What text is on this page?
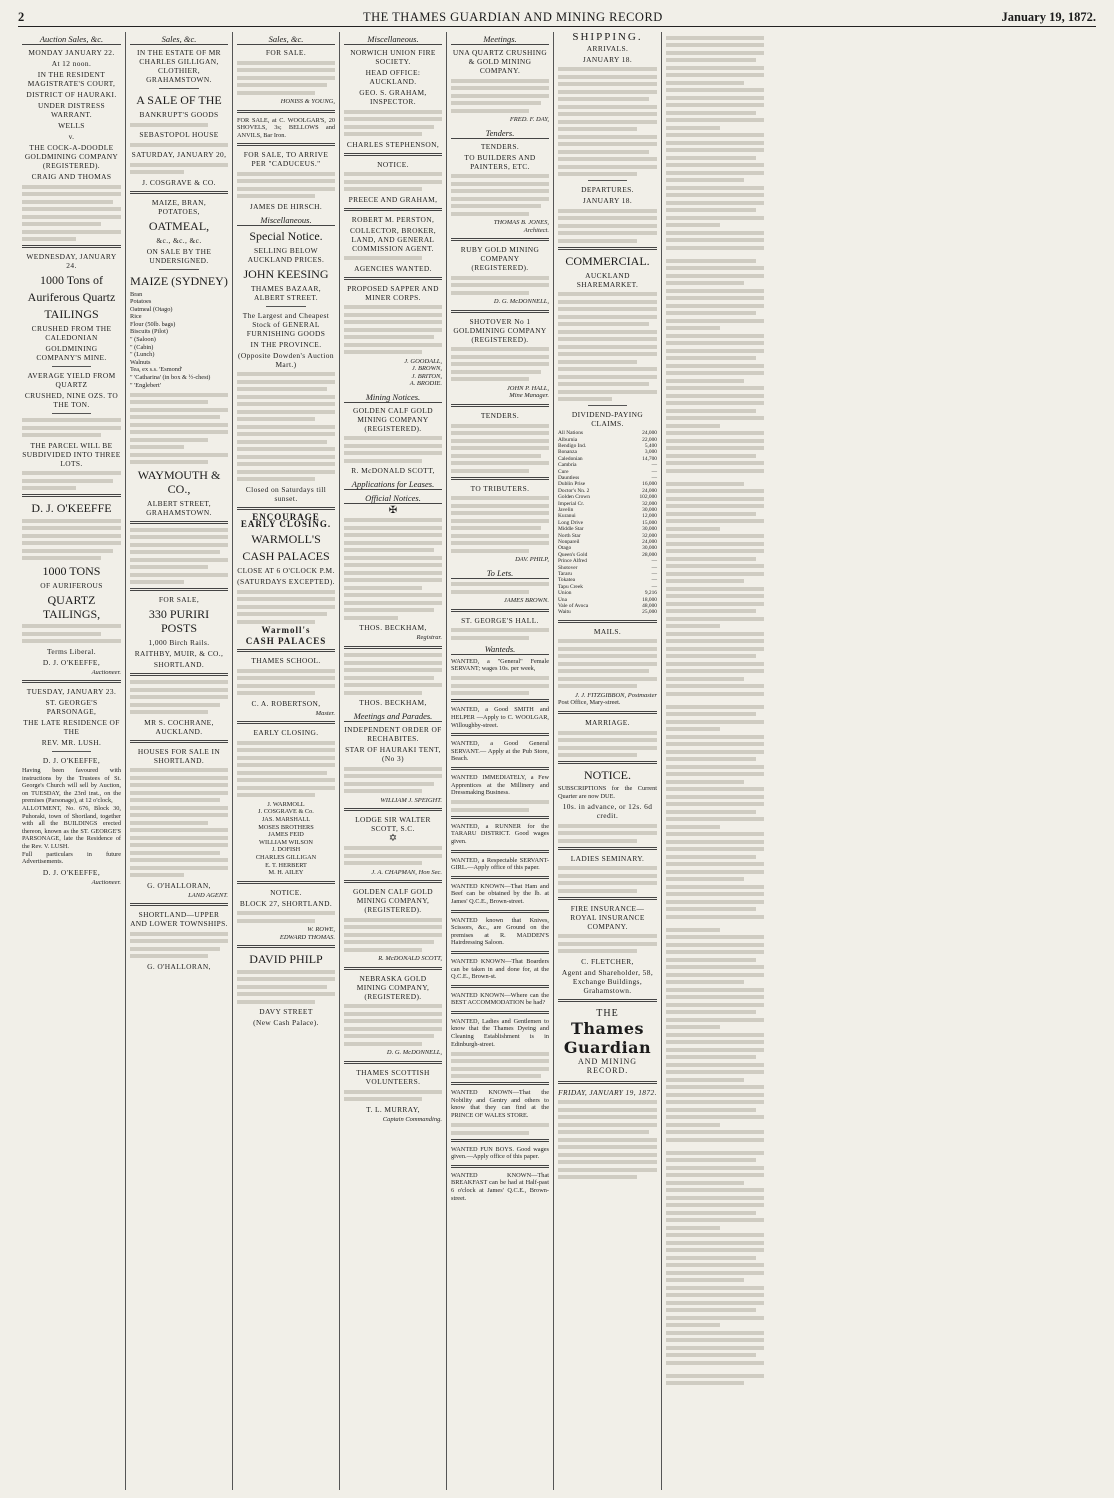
2	THE THAMES GUARDIAN AND MINING RECORD	January 19, 1872.
Auction Sales, &c.
MONDAY JANUARY 22.
At 12 noon.
IN THE RESIDENT MAGISTRATE'S COURT,
DISTRICT OF HAURAKI.
UNDER DISTRESS WARRANT.
WELLS
v.
THE COCK-A-DOODLE GOLDMINING COMPANY (REGISTERED).
CRAIG AND THOMAS
WEDNESDAY, JANUARY 24.
1000 Tons of
Auriferous Quartz
TAILINGS
CRUSHED FROM THE CALEDONIAN
GOLDMINING COMPANY'S MINE.
AVERAGE YIELD FROM QUARTZ
CRUSHED, NINE OZS. TO THE TON.
THE PARCEL WILL BE SUBDIVIDED INTO THREE LOTS.
D. J. O'KEEFFE
1000 TONS
OF AURIFEROUS
QUARTZ TAILINGS,
Terms Liberal.
D. J. O'KEEFFE,
Auctioneer.
TUESDAY, JANUARY 23.
ST. GEORGE'S PARSONAGE,
THE LATE RESIDENCE OF THE
REV. MR. LUSH.
D. J. O'KEEFFE,

Having been favoured with instructions by the Trustees of St. George's Church will sell by Auction, on TUESDAY, the 23rd inst., on the premises (Parsonage), at 12 o'clock,

ALLOTMENT, No. 676, Block 30, Puhoraki, town of Shortland, together with all the BUILDINGS erected thereon, known as the ST. GEORGE'S PARSONAGE, late the Residence of the Rev. V. LUSH.

Full particulars in future Advertisements.

D. J. O'KEEFFE,
Auctioneer.
Sales, &c.
IN THE ESTATE OF MR CHARLES GILLIGAN, CLOTHIER, GRAHAMSTOWN.
A SALE OF THE
BANKRUPT'S GOODS
SEBASTOPOL HOUSE
SATURDAY, JANUARY 20,
J. COSGRAVE & CO.
MAIZE, BRAN, POTATOES,
OATMEAL,
&c., &c., &c.
ON SALE BY THE UNDERSIGNED.
MAIZE (SYDNEY)
Bran
Potatoes
Oatmeal (Otago)
Rice
Flour (50lb. bags)
Biscuits (Pilot)
" (Saloon)
" (Cabin)
" (Lunch)
Walnuts
Tea, ex s.s. 'Esmond'
" 'Catharina' (in box & ½-chest)
" 'Englebert'
WAYMOUTH & CO.,
ALBERT STREET, GRAHAMSTOWN.
FOR SALE,
330 PURIRI POSTS
1,000 Birch Rails.
RAITHBY, MUIR, & CO.,
SHORTLAND.
MR S. COCHRANE, AUCKLAND.
HOUSES FOR SALE IN SHORTLAND.
G. O'HALLORAN,
LAND AGENT.
SHORTLAND—UPPER AND LOWER TOWNSHIPS.
G. O'HALLORAN,
Sales, &c.
FOR SALE.
HONISS & YOUNG,

FOR SALE, at C. WOOLGAR'S, 20 SHOVELS, 3s; BELLOWS and ANVILS, Bar Iron.

FOR SALE, TO ARRIVE PER "CADUCEUS."
JAMES DE HIRSCH.
Miscellaneous.
Special Notice.
SELLING BELOW AUCKLAND PRICES.
JOHN KEESING
THAMES BAZAAR, ALBERT STREET.
The Largest and Cheapest Stock of GENERAL FURNISHING GOODS
IN THE PROVINCE.
(Opposite Dowden's Auction Mart.)
Closed on Saturdays till sunset.
ENCOURAGE EARLY CLOSING.
WARMOLL'S
CASH PALACES
CLOSE AT 6 O'CLOCK P.M.
(SATURDAYS EXCEPTED).
Warmoll's
CASH PALACES
THAMES SCHOOL.
C. A. ROBERTSON,
Master.
EARLY CLOSING.
J. WARMOLL
J. COSGRAVE & Co.
JAS. MARSHALL
MOSES BROTHERS
JAMES FEID
WILLIAM WILSON
J. DOFISH
CHARLES GILLIGAN
E. T. HERBERT
M. H. AILEY
NOTICE.
BLOCK 27, SHORTLAND.
W. ROWE,
EDWARD THOMAS.
DAVID PHILP
DAVY STREET
(New Cash Palace).
Miscellaneous.
NORWICH UNION FIRE SOCIETY.
HEAD OFFICE: AUCKLAND.
GEO. S. GRAHAM, INSPECTOR.
CHARLES STEPHENSON,
NOTICE.
PREECE AND GRAHAM,
ROBERT M. PERSTON,
COLLECTOR, BROKER, LAND, AND GENERAL COMMISSION AGENT.
AGENCIES WANTED.
PROPOSED SAPPER AND MINER CORPS.
J. GOODALL,
J. BROWN,
J. BRITON,
A. BRODIE.
Mining Notices.
GOLDEN CALF GOLD MINING COMPANY (REGISTERED).
R. McDONALD SCOTT,
Applications for Leases.
Official Notices.
✠
THOS. BECKHAM,
Registrar.
THOS. BECKHAM,
Meetings and Parades.
INDEPENDENT ORDER OF RECHABITES.
STAR OF HAURAKI TENT, (No 3)
WILLIAM J. SPEIGHT.
LODGE SIR WALTER SCOTT, S.C.
✡
J. A. CHAPMAN, Hon Sec.
GOLDEN CALF GOLD MINING COMPANY, (REGISTERED).
R. McDONALD SCOTT,
NEBRASKA GOLD MINING COMPANY, (REGISTERED).
D. G. McDONNELL,
THAMES SCOTTISH VOLUNTEERS.
T. L. MURRAY,
Captain Commanding.
Meetings.
UNA QUARTZ CRUSHING & GOLD MINING COMPANY.
FRED. F. DAY,
Tenders.
TENDERS.
TO BUILDERS AND PAINTERS, ETC.
THOMAS B. JONES,
Architect.
RUBY GOLD MINING COMPANY (REGISTERED).
D. G. McDONNELL,
SHOTOVER No 1 GOLDMINING COMPANY (REGISTERED).
JOHN P. HALL,
Mine Manager.
TENDERS.
TO TRIBUTERS.
DAV. PHILP,
To Lets.
JAMES BROWN.
ST. GEORGE'S HALL.
Wanteds.

WANTED, a "General" Female SERVANT; wages 10s. per week,

WANTED, a Good SMITH and HELPER —Apply to C. WOOLGAR, Willoughby-street.

WANTED, a Good General SERVANT.— Apply at the Pub Store, Beach.

WANTED IMMEDIATELY, a Few Apprentices at the Millinery and Dressmaking Business.

WANTED, a RUNNER for the TARARU DISTRICT. Good wages given.

WANTED, a Respectable SERVANT-GIRL.—Apply office of this paper.

WANTED KNOWN—That Ham and Beef can be obtained by the lb. at James' Q.C.E., Brown-street.

WANTED known that Knives, Scissors, &c., are Ground on the premises at R. MADDEN'S Hairdressing Saloon.

WANTED KNOWN—That Boarders can be taken in and done for, at the Q.C.E., Brown-st.

WANTED KNOWN—Where can the BEST ACCOMMODATION be had?

WANTED, Ladies and Gentlemen to know that the Thames Dyeing and Cleaning Establishment is in Edinburgh-street.

WANTED KNOWN—That the Nobility and Gentry and others to know that they can find at the PRINCE OF WALES STORE.

WANTED FUN BOYS. Good wages given.—Apply office of this paper.

WANTED KNOWN—That BREAKFAST can be had at Half-past 6 o'clock at James' Q.C.E., Brown-street.

SHIPPING.
ARRIVALS.
JANUARY 18.
DEPARTURES.
JANUARY 18.
COMMERCIAL.
AUCKLAND SHAREMARKET.
DIVIDEND-PAYING CLAIMS.
All Nations	24,000
Alburnia	22,000
Bendigo Ind.	5,400
Bonanza	3,000
Caledonian	14,700
Cambria	—
Cure	—
Dauntless	—
Dublin Prise	16,000
Doctor's Nn. 2	24,000
Golden Crown	102,000
Imperial Cr.	32,000
Javelin	30,000
Kuranui	12,000
Long Drive	15,000
Middle Star	30,000
North Star	32,000
Nonpareil	24,000
Otago	30,000
Queen's Gold	28,000
Prince Alfred	—
Shotover	—
Tararu	—
Tokatea	—
Tapu Creek	—
Union	9,216
Una	18,000
Vale of Avoca	48,000
Waitu	25,000
MAILS.
J. J. FITZGIBBON, Postmaster
Post Office, Mary-street.
MARRIAGE.
NOTICE.

SUBSCRIPTIONS for the Current Quarter are now DUE.

10s. in advance, or 12s. 6d credit.
LADIES SEMINARY.
FIRE INSURANCE—ROYAL INSURANCE COMPANY.
C. FLETCHER,
Agent and Shareholder, 58, Exchange Buildings, Grahamstown.
THE
Thames Guardian
AND MINING RECORD.
FRIDAY, JANUARY 19, 1872.
